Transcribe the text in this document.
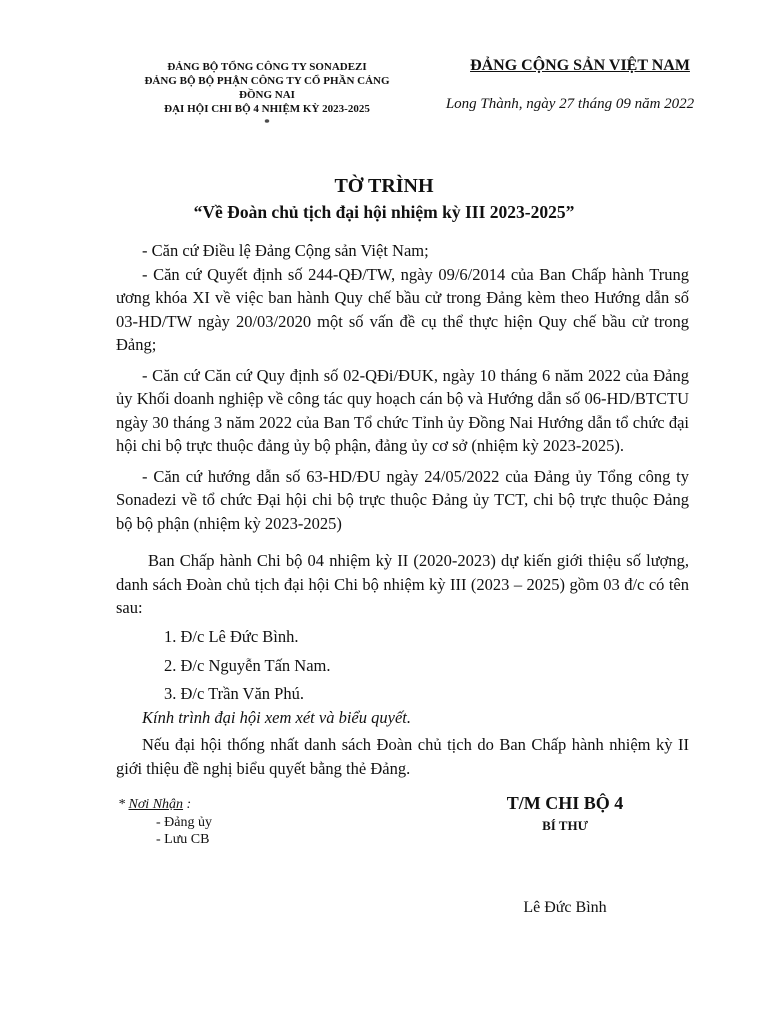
ĐẢNG BỘ TỔNG CÔNG TY SONADEZI
ĐẢNG BỘ BỘ PHẬN CÔNG TY CỔ PHẦN CẢNG
ĐỒNG NAI
ĐẠI HỘI CHI BỘ 4 NHIỆM KỲ 2023-2025
*
ĐẢNG CỘNG SẢN VIỆT NAM
Long Thành, ngày 27 tháng 09 năm 2022
TỜ TRÌNH
“Về Đoàn chủ tịch đại hội nhiệm kỳ III 2023-2025”

- Căn cứ Điều lệ Đảng Cộng sản Việt Nam;

- Căn cứ Quyết định số 244-QĐ/TW, ngày 09/6/2014 của Ban Chấp hành Trung ương khóa XI về việc ban hành Quy chế bầu cử trong Đảng kèm theo Hướng dẫn số 03-HD/TW ngày 20/03/2020 một số vấn đề cụ thể thực hiện Quy chế bầu cử trong Đảng;

- Căn cứ Căn cứ Quy định số 02-QĐi/ĐUK, ngày 10 tháng 6 năm 2022 của Đảng ủy Khối doanh nghiệp về công tác quy hoạch cán bộ và Hướng dẫn số 06-HD/BTCTU ngày 30 tháng 3 năm 2022 của Ban Tổ chức Tỉnh ủy Đồng Nai Hướng dẫn tổ chức đại hội chi bộ trực thuộc đảng ủy bộ phận, đảng ủy cơ sở (nhiệm kỳ 2023-2025).

- Căn cứ hướng dẫn số 63-HD/ĐU ngày 24/05/2022 của Đảng ủy Tổng công ty Sonadezi về tổ chức Đại hội chi bộ trực thuộc Đảng ủy TCT, chi bộ trực thuộc Đảng bộ bộ phận (nhiệm kỳ 2023-2025)

Ban Chấp hành Chi bộ 04 nhiệm kỳ II (2020-2023) dự kiến giới thiệu số lượng, danh sách Đoàn chủ tịch đại hội Chi bộ nhiệm kỳ III (2023 – 2025) gồm 03 đ/c có tên sau:

1. Đ/c Lê Đức Bình.
2. Đ/c Nguyễn Tấn Nam.
3. Đ/c Trần Văn Phú.

Kính trình đại hội xem xét và biểu quyết.

Nếu đại hội thống nhất danh sách Đoàn chủ tịch do Ban Chấp hành nhiệm kỳ II giới thiệu đề nghị biểu quyết bằng thẻ Đảng.

* Nơi Nhận :
- Đảng ủy
- Lưu CB
T/M CHI BỘ 4
BÍ THƯ
Lê Đức Bình
